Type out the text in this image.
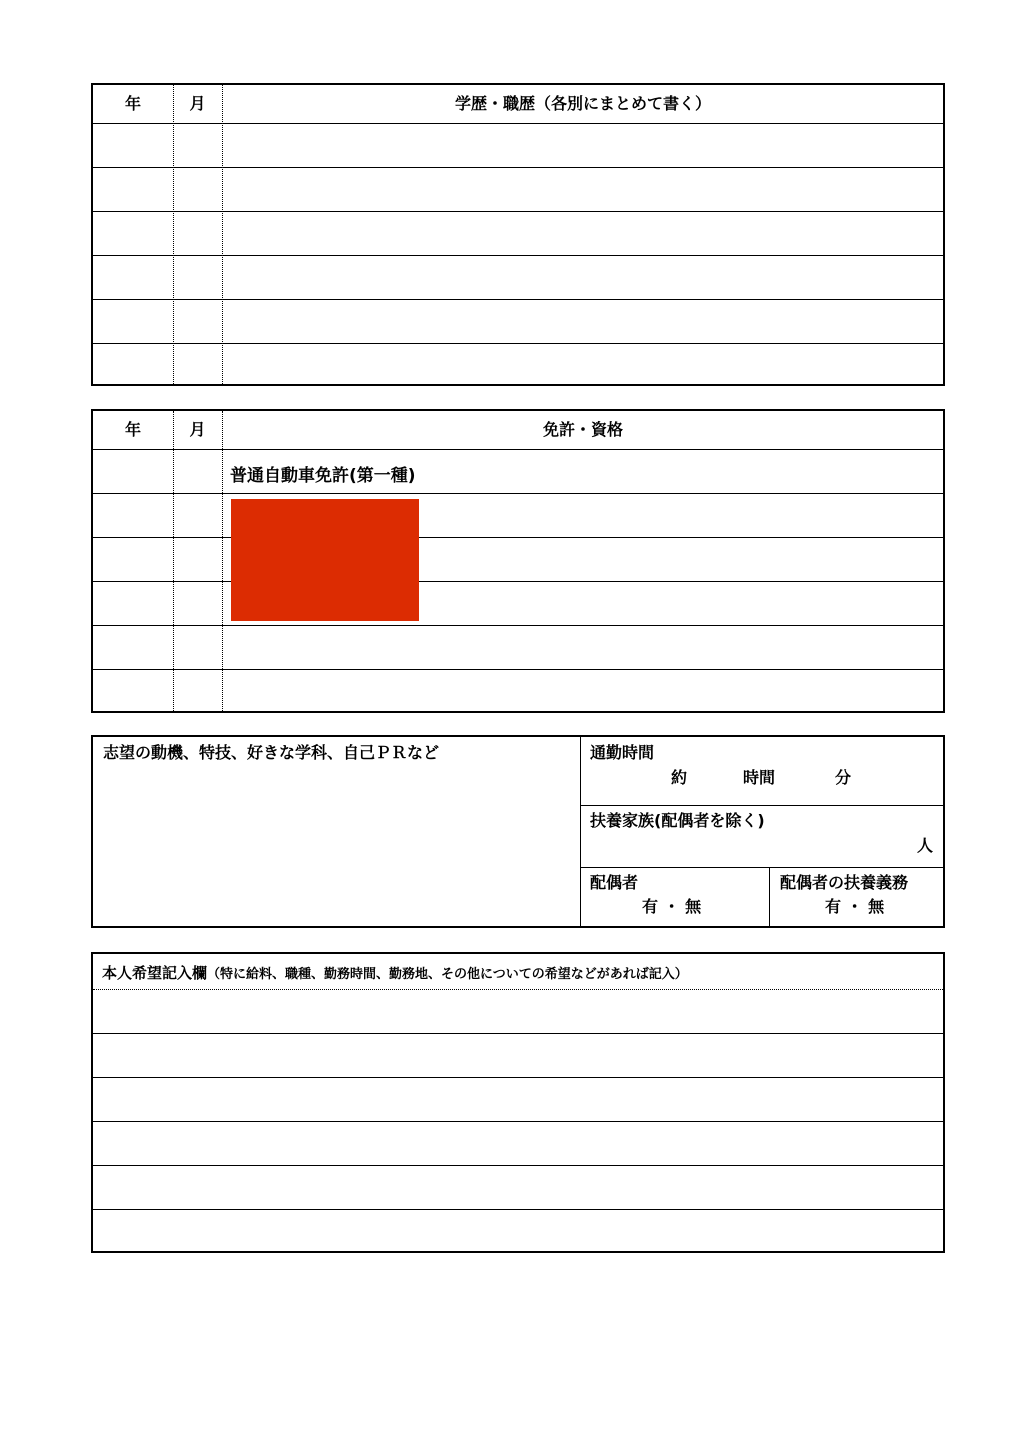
年	月	学歴・職歴（各別にまとめて書く）
年	月	免許・資格
普通自動車免許(第一種)
志望の動機、特技、好きな学科、自己ＰＲなど	通勤時間
約	時間	分
扶養家族(配偶者を除く)
人
配偶者
有 ・ 無
配偶者の扶養義務
有 ・ 無
本人希望記入欄（特に給料、職種、勤務時間、勤務地、その他についての希望などがあれば記入）
